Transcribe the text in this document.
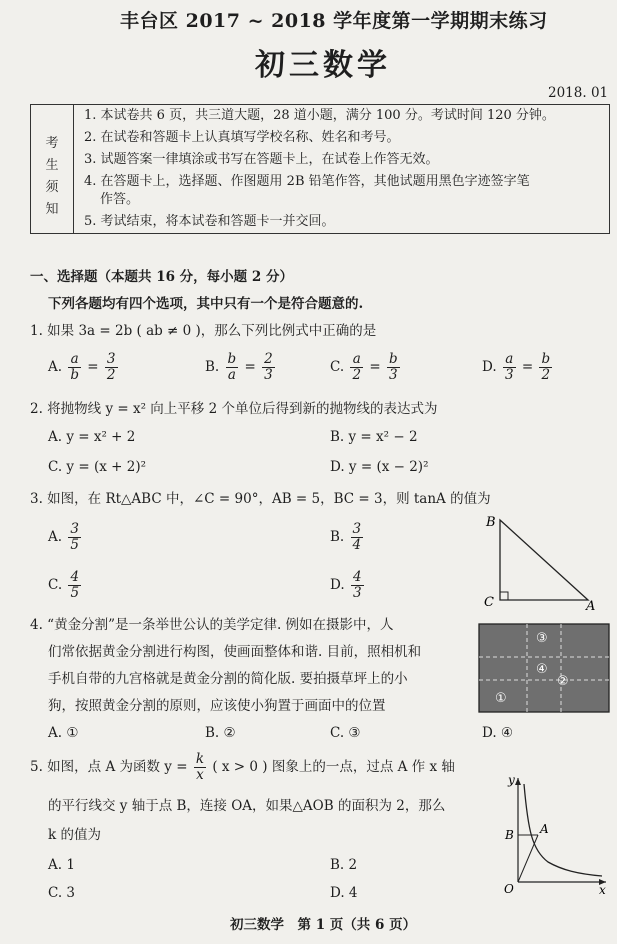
丰台区 2017 ~ 2018 学年度第一学期期末练习
初三数学
2018. 01
考
生
须
知

1. 本试卷共 6 页，共三道大题，28 道小题，满分 100 分。考试时间 120 分钟。
2. 在试卷和答题卡上认真填写学校名称、姓名和考号。
3. 试题答案一律填涂或书写在答题卡上，在试卷上作答无效。
4. 在答题卡上，选择题、作图题用 2B 铅笔作答，其他试题用黑色字迹签字笔
作答。
5. 考试结束，将本试卷和答题卡一并交回。
一、选择题（本题共 16 分，每小题 2 分）
下列各题均有四个选项，其中只有一个是符合题意的.
1. 如果 3a = 2b ( ab ≠ 0 )，那么下列比例式中正确的是
A. $\frac{a}{b} = \frac{3}{2}$	B. $\frac{b}{a} = \frac{2}{3}$	C. $\frac{a}{2} = \frac{b}{3}$	D. $\frac{a}{3} = \frac{b}{2}$
2. 将抛物线 y = x² 向上平移 2 个单位后得到新的抛物线的表达式为
A. y = x² + 2	B. y = x² − 2
C. y = (x + 2)²	D. y = (x − 2)²
3. 如图，在 Rt△ABC 中，∠C = 90°，AB = 5，BC = 3，则 tanA 的值为
A. $\frac{3}{5}$	B. $\frac{3}{4}$
C. $\frac{4}{5}$	D. $\frac{4}{3}$
B
C	A
4. “黄金分割”是一条举世公认的美学定律. 例如在摄影中，人
们常依据黄金分割进行构图，使画面整体和谐. 目前，照相机和
手机自带的九宫格就是黄金分割的简化版. 要拍摄草坪上的小
狗，按照黄金分割的原则，应该使小狗置于画面中的位置
A. ①	B. ②	C. ③	D. ④
③
④
②
①
5. 如图，点 A 为函数 $y = \frac{k}{x}$ ( x > 0 ) 图象上的一点，过点 A 作 x 轴
的平行线交 y 轴于点 B，连接 OA，如果△AOB 的面积为 2，那么
k 的值为
A. 1	B. 2
C. 3	D. 4
y
x
O
B A
初三数学　第 1 页（共 6 页）
